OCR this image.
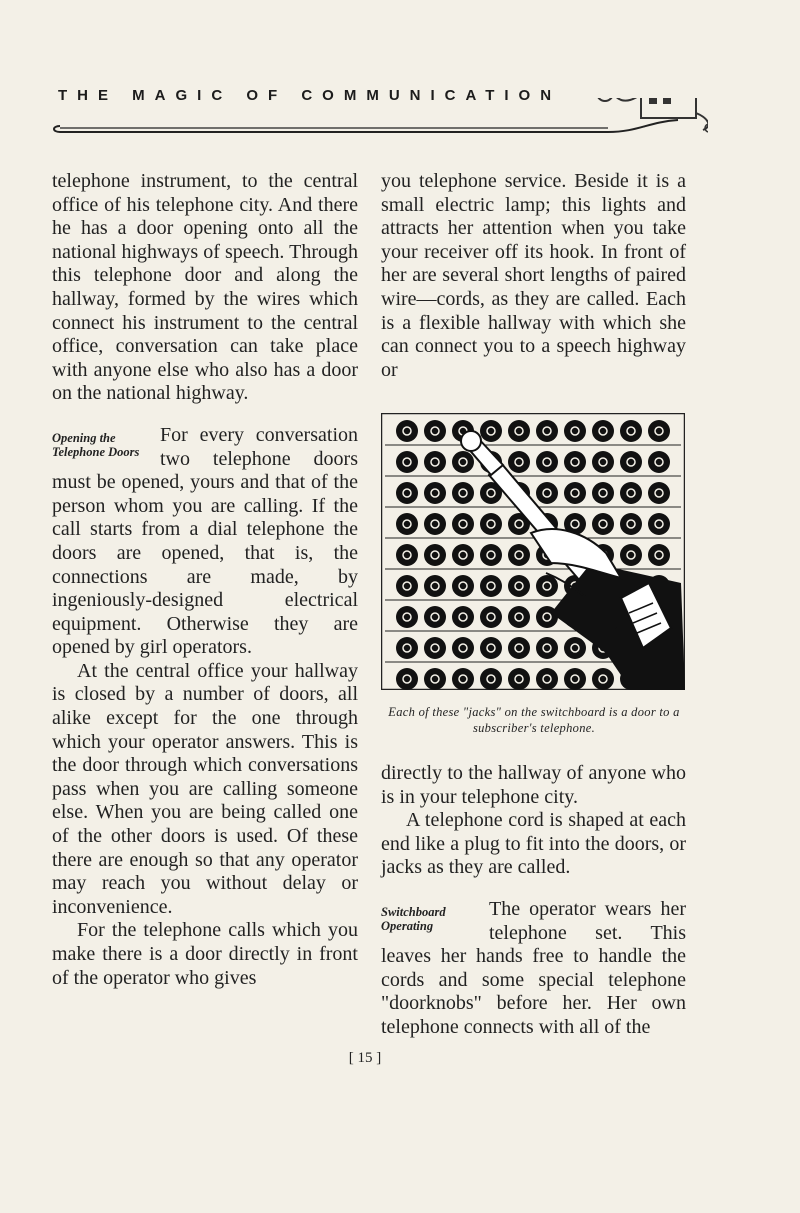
THE MAGIC OF COMMUNICATION

telephone instrument, to the central office of his telephone city. And there he has a door opening onto all the national highways of speech. Through this telephone door and along the hallway, formed by the wires which connect his instrument to the central office, conversation can take place with anyone else who also has a door on the national highway.

Opening the Telephone Doors
For every conversation two telephone doors must be opened, yours and that of the person whom you are calling. If the call starts from a dial telephone the doors are opened, that is, the connections are made, by ingeniously-designed electrical equipment. Otherwise they are opened by girl operators.

At the central office your hallway is closed by a number of doors, all alike except for the one through which your operator answers. This is the door through which conversations pass when you are calling someone else. When you are being called one of the other doors is used. Of these there are enough so that any operator may reach you without delay or inconvenience.

For the telephone calls which you make there is a door directly in front of the operator who gives

you telephone service. Beside it is a small electric lamp; this lights and attracts her attention when you take your receiver off its hook. In front of her are several short lengths of paired wire—cords, as they are called. Each is a flexible hallway with which she can connect you to a speech highway or

Each of these "jacks" on the switchboard is a door to a subscriber's telephone.

directly to the hallway of anyone who is in your telephone city.

A telephone cord is shaped at each end like a plug to fit into the doors, or jacks as they are called.

Switchboard Operating
The operator wears her telephone set. This leaves her hands free to handle the cords and some special telephone "doorknobs" before her. Her own telephone connects with all of the

[ 15 ]
